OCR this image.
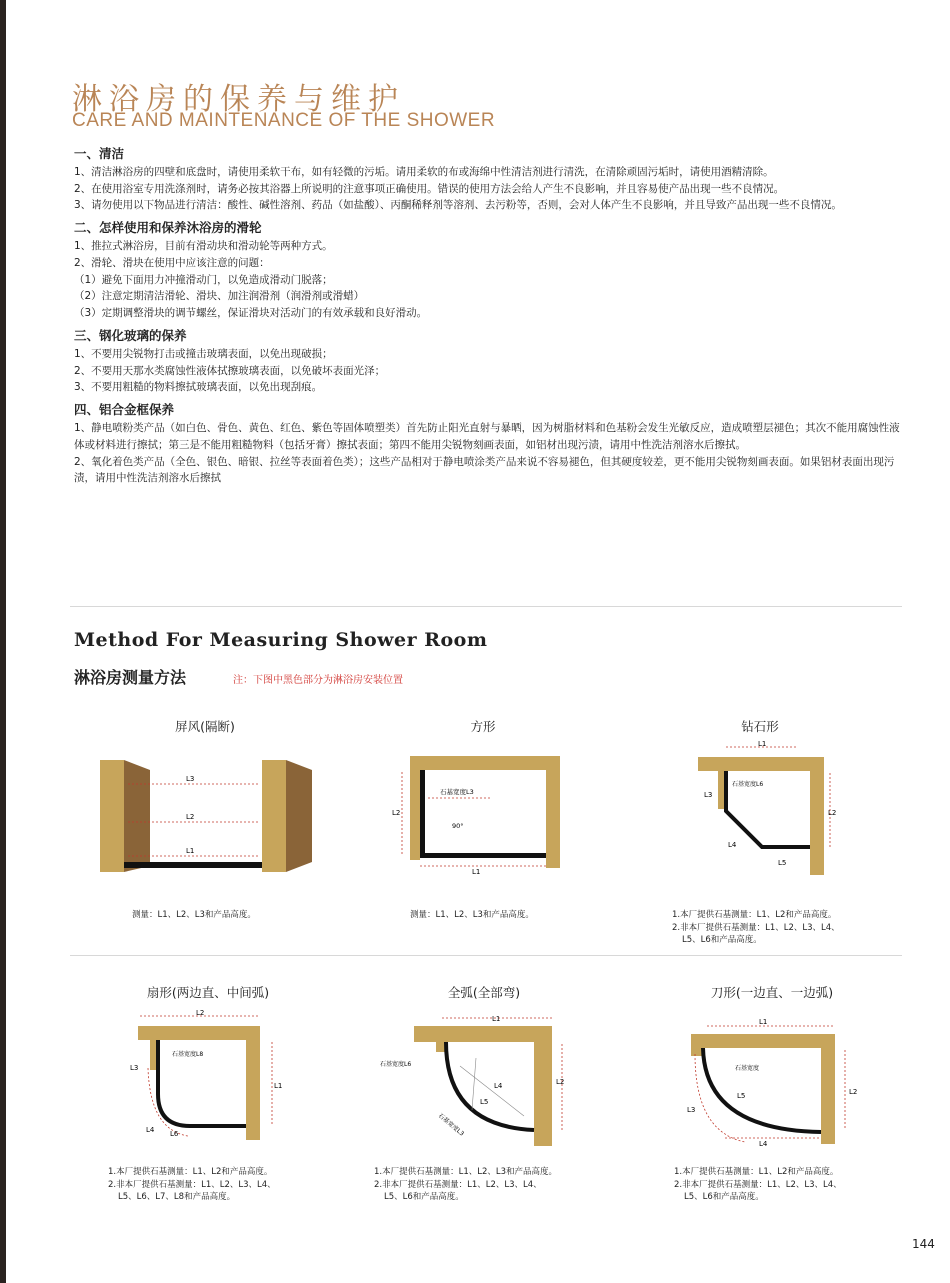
淋浴房的保养与维护
CARE AND MAINTENANCE OF THE SHOWER
一、清洁

1、清洁淋浴房的四壁和底盘时，请使用柔软干布，如有轻微的污垢。请用柔软的布或海绵中性清洁剂进行清洗，在清除顽固污垢时，请使用酒精清除。

2、在使用浴室专用洗涤剂时，请务必按其浴器上所说明的注意事项正确使用。错误的使用方法会给人产生不良影响，并且容易使产品出现一些不良情况。

3、请勿使用以下物品进行清洁：酸性、碱性溶剂、药品（如盐酸）、丙酮稀释剂等溶剂、去污粉等，否则，会对人体产生不良影响，并且导致产品出现一些不良情况。

二、怎样使用和保养沐浴房的滑轮

1、推拉式淋浴房，目前有滑动块和滑动轮等两种方式。

2、滑轮、滑块在使用中应该注意的问题：

（1）避免下面用力冲撞滑动门，以免造成滑动门脱落；

（2）注意定期清洁滑轮、滑块、加注润滑剂（润滑剂或滑蜡）

（3）定期调整滑块的调节螺丝，保证滑块对活动门的有效承载和良好滑动。

三、钢化玻璃的保养

1、不要用尖锐物打击或撞击玻璃表面，以免出现破损；

2、不要用天那水类腐蚀性液体拭擦玻璃表面，以免破坏表面光泽；

3、不要用粗糙的物料擦拭玻璃表面，以免出现刮痕。

四、铝合金框保养

1、静电喷粉类产品（如白色、骨色、黄色、红色、紫色等固体喷塑类）首先防止阳光直射与暴晒，因为树脂材料和色基粉会发生光敏反应，造成喷塑层褪色；其次不能用腐蚀性液体或材料进行擦拭；第三是不能用粗糙物料（包括牙膏）擦拭表面；第四不能用尖锐物刻画表面，如铝材出现污渍，请用中性洗洁剂溶水后擦拭。

2、氧化着色类产品（全色、银色、暗银、拉丝等表面着色类）；这些产品相对于静电喷涂类产品来说不容易褪色，但其硬度较差，更不能用尖锐物刻画表面。如果铝材表面出现污渍，请用中性洗洁剂溶水后擦拭

Method For Measuring Shower Room
淋浴房测量方法	注：下图中黑色部分为淋浴房安装位置
屏风(隔断)	方形	钻石形
L3
L2
L1
石基宽度L3
L2
90°
L1
L1
石基宽度L6
L3
L2
L4
L5
测量：L1、L2、L3和产品高度。	测量：L1、L2、L3和产品高度。	1.本厂提供石基测量：L1、L2和产品高度。
2.非本厂提供石基测量：L1、L2、L3、L4、
L5、L6和产品高度。
扇形(两边直、中间弧)	全弧(全部弯)	刀形(一边直、一边弧)
L2
石基宽度L8
L3
L1
L4 L6
L1
石基宽度L6
L4
L5
L2
石基宽度L3
L1
石基宽度
L3
L5	L2
L4
1.本厂提供石基测量：L1、L2和产品高度。
2.非本厂提供石基测量：L1、L2、L3、L4、
L5、L6、L7、L8和产品高度。
1.本厂提供石基测量：L1、L2、L3和产品高度。
2.非本厂提供石基测量：L1、L2、L3、L4、
L5、L6和产品高度。
1.本厂提供石基测量：L1、L2和产品高度。
2.非本厂提供石基测量：L1、L2、L3、L4、
L5、L6和产品高度。
144
